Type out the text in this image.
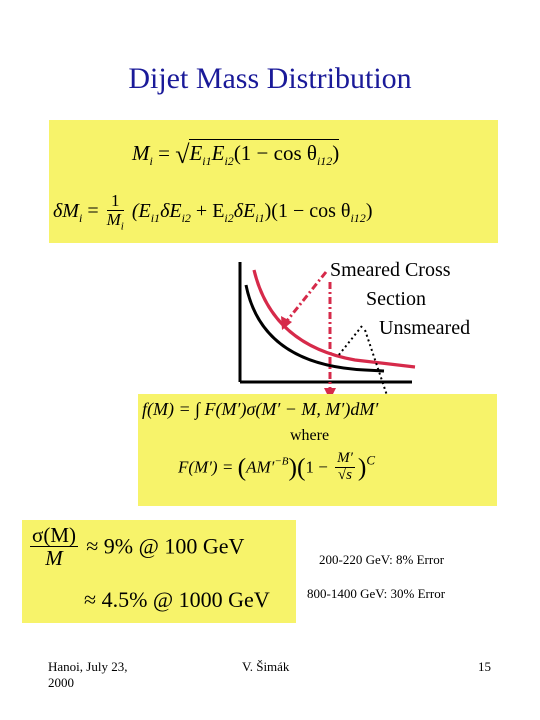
Dijet Mass Distribution
$M_i = √E_{i1}E_{i2}(1 - \cos \theta_{i12})$
$\delta M_i = \frac{1}{M_i} (E_{i1}\delta E_{i2} + E_{i2}\delta E_{i1})(1 - \cos \theta_{i12})$
Smeared Cross
Section
Unsmeared
f(M) = ∫ F(M′)σ(M′ − M, M′)dM′
where
$F(M') = (AM'^{-B})(1 - \frac{M'}{√s} )^C$
$\frac{\sigma(M)}{M} \approx 9\%$ @ 100 GeV
≈ 4.5% @ 1000 GeV
200-220 GeV: 8% Error
800-1400 GeV: 30% Error
Hanoi, July 23,
2000
V. Šimák	15
